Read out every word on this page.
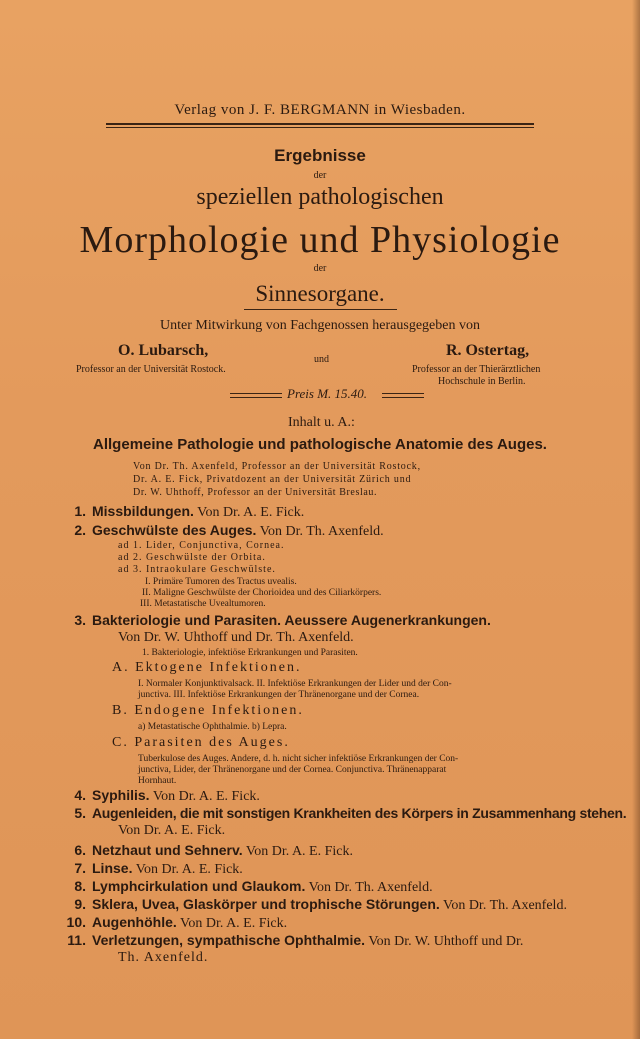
Verlag von J. F. BERGMANN in Wiesbaden.
Ergebnisse
der
speziellen pathologischen
Morphologie und Physiologie
der
Sinnesorgane.
Unter Mitwirkung von Fachgenossen herausgegeben von
O. Lubarsch,
Professor an der Universität Rostock.
und
R. Ostertag,
Professor an der Thierärztlichen
Hochschule in Berlin.
Preis M. 15.40.
Inhalt u. A.:
Allgemeine Pathologie und pathologische Anatomie des Auges.
Von Dr. Th. Axenfeld, Professor an der Universität Rostock,
Dr. A. E. Fick, Privatdozent an der Universität Zürich und
Dr. W. Uhthoff, Professor an der Universität Breslau.
1. Missbildungen. Von Dr. A. E. Fick.
2. Geschwülste des Auges. Von Dr. Th. Axenfeld.
ad 1. Lider, Conjunctiva, Cornea.
ad 2. Geschwülste der Orbita.
ad 3. Intraokulare Geschwülste.
I. Primäre Tumoren des Tractus uvealis.
II. Maligne Geschwülste der Chorioidea und des Ciliarkörpers.
III. Metastatische Uvealtumoren.
3. Bakteriologie und Parasiten. Aeussere Augenerkrankungen.
Von Dr. W. Uhthoff und Dr. Th. Axenfeld.
1. Bakteriologie, infektiöse Erkrankungen und Parasiten.
A. Ektogene Infektionen.
I. Normaler Konjunktivalsack. II. Infektiöse Erkrankungen der Lider und der Con-
junctiva. III. Infektiöse Erkrankungen der Thränenorgane und der Cornea.
B. Endogene Infektionen.
a) Metastatische Ophthalmie. b) Lepra.
C. Parasiten des Auges.
Tuberkulose des Auges. Andere, d. h. nicht sicher infektiöse Erkrankungen der Con-
junctiva, Lider, der Thränenorgane und der Cornea. Conjunctiva. Thränenapparat
Hornhaut.
4. Syphilis. Von Dr. A. E. Fick.
5. Augenleiden, die mit sonstigen Krankheiten des Körpers in Zusammenhang stehen.
Von Dr. A. E. Fick.
6. Netzhaut und Sehnerv. Von Dr. A. E. Fick.
7. Linse. Von Dr. A. E. Fick.
8. Lymphcirkulation und Glaukom. Von Dr. Th. Axenfeld.
9. Sklera, Uvea, Glaskörper und trophische Störungen. Von Dr. Th. Axenfeld.
10. Augenhöhle. Von Dr. A. E. Fick.
11. Verletzungen, sympathische Ophthalmie. Von Dr. W. Uhthoff und Dr.
Th. Axenfeld.
